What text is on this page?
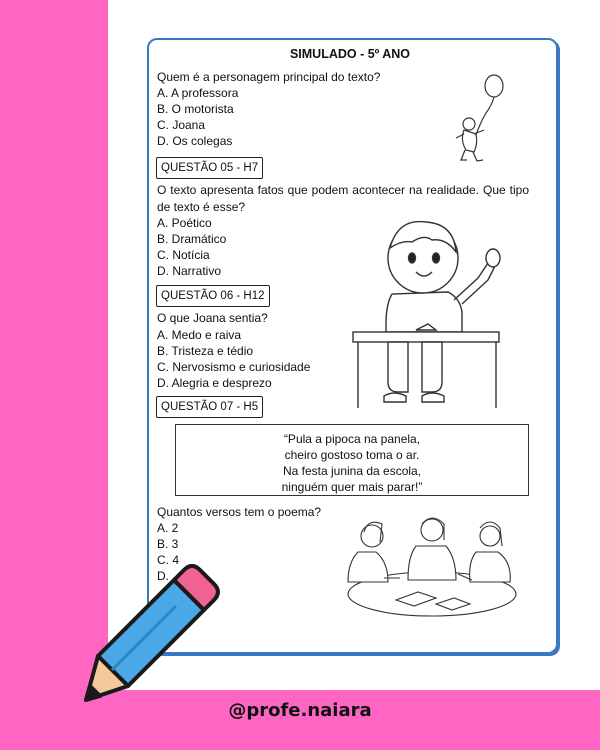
@profe.naiara
SIMULADO - 5º ANO
Quem é a personagem principal do texto?
A. A professora
B. O motorista
C. Joana
D. Os colegas
QUESTÃO 05 - H7
O texto apresenta fatos que podem acontecer na realidade. Que tipo de texto é esse?
A. Poético
B. Dramático
C. Notícia
D. Narrativo
QUESTÃO 06 - H12
O que Joana sentia?
A. Medo e raiva
B. Tristeza e tédio
C. Nervosismo e curiosidade
D. Alegria e desprezo
QUESTÃO 07 - H5
“Pula a pipoca na panela,
cheiro gostoso toma o ar.
Na festa junina da escola,
ninguém quer mais parar!”
Quantos versos tem o poema?
A. 2
B. 3
C. 4
D.
